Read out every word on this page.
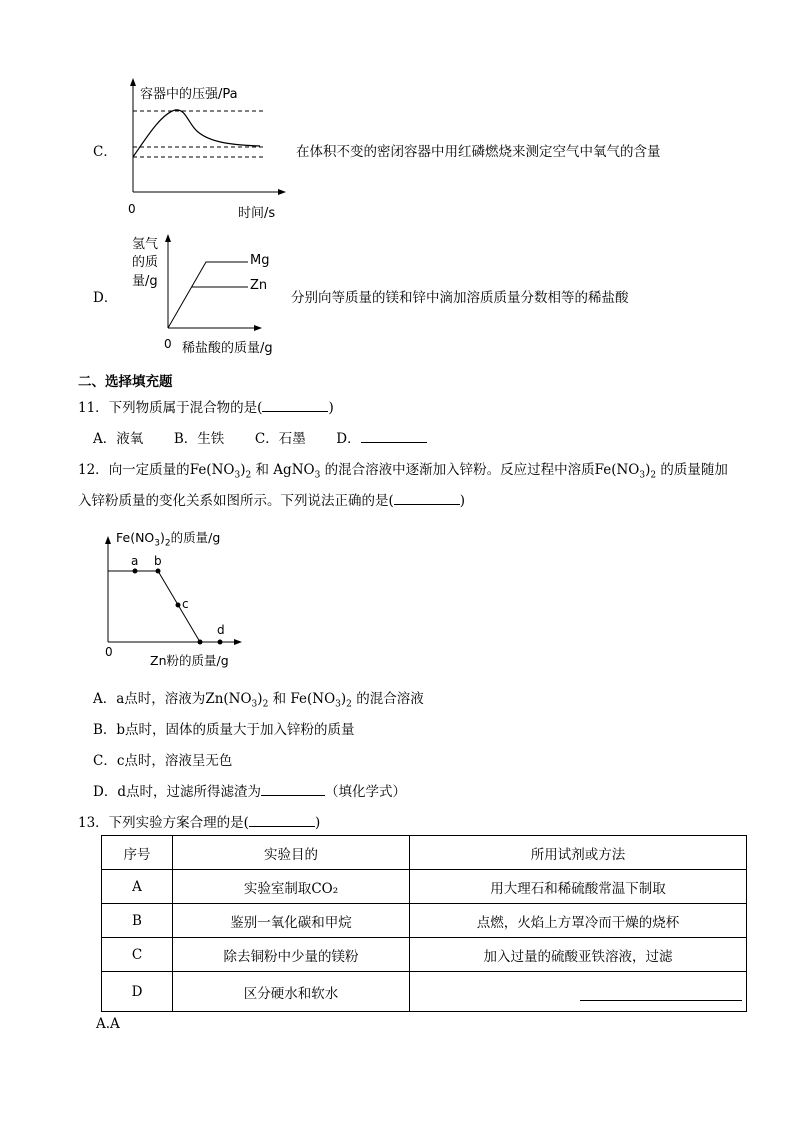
C．
容器中的压强/Pa
0	时间/s
在体积不变的密闭容器中用红磷燃烧来测定空气中氧气的含量
D．
氢气
的质
量/g
Mg
Zn
0 稀盐酸的质量/g
分别向等质量的镁和锌中滴加溶质质量分数相等的稀盐酸
二、选择填充题
11．下列物质属于混合物的是(	)
A．液氧 B．生铁 C．石墨 D．
12．向一定质量的$Fe(NO_3)_2$ 和 AgNO$_3$ 的混合溶液中逐渐加入锌粉。反应过程中溶质$Fe(NO_3)_2$ 的质量随加
入锌粉质量的变化关系如图所示。下列说法正确的是(	)
$Fe(NO_3)_2$的质量/g
a b
c
d
0
Zn粉的质量/g
A．a点时，溶液为$Zn(NO_3)_2$ 和 $Fe(NO_3)_2$ 的混合溶液
B．b点时，固体的质量大于加入锌粉的质量
C．c点时，溶液呈无色
D．d点时，过滤所得滤渣为	（填化学式）
13．下列实验方案合理的是(	)
序号	实验目的	所用试剂或方法
A	实验室制取CO₂	用大理石和稀硫酸常温下制取
B	鉴别一氧化碳和甲烷	点燃，火焰上方罩冷而干燥的烧杯
C	除去铜粉中少量的镁粉	加入过量的硫酸亚铁溶液，过滤
D	区分硬水和软水	
A.A
